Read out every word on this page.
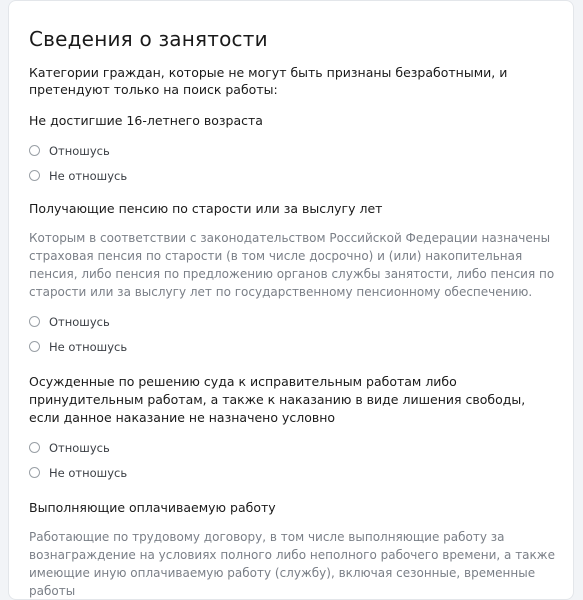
Сведения о занятости
Категории граждан, которые не могут быть признаны безработными, и претендуют только на поиск работы:
Не достигшие 16-летнего возраста
Отношусь
Не отношусь
Получающие пенсию по старости или за выслугу лет
Которым в соответствии с законодательством Российской Федерации назначены страховая пенсия по старости (в том числе досрочно) и (или) накопительная пенсия, либо пенсия по предложению органов службы занятости, либо пенсия по старости или за выслугу лет по государственному пенсионному обеспечению.
Отношусь
Не отношусь
Осужденные по решению суда к исправительным работам либо принудительным работам, а также к наказанию в виде лишения свободы, если данное наказание не назначено условно
Отношусь
Не отношусь
Выполняющие оплачиваемую работу
Работающие по трудовому договору, в том числе выполняющие работу за вознаграждение на условиях полного либо неполного рабочего времени, а также имеющие иную оплачиваемую работу (службу), включая сезонные, временные работы
